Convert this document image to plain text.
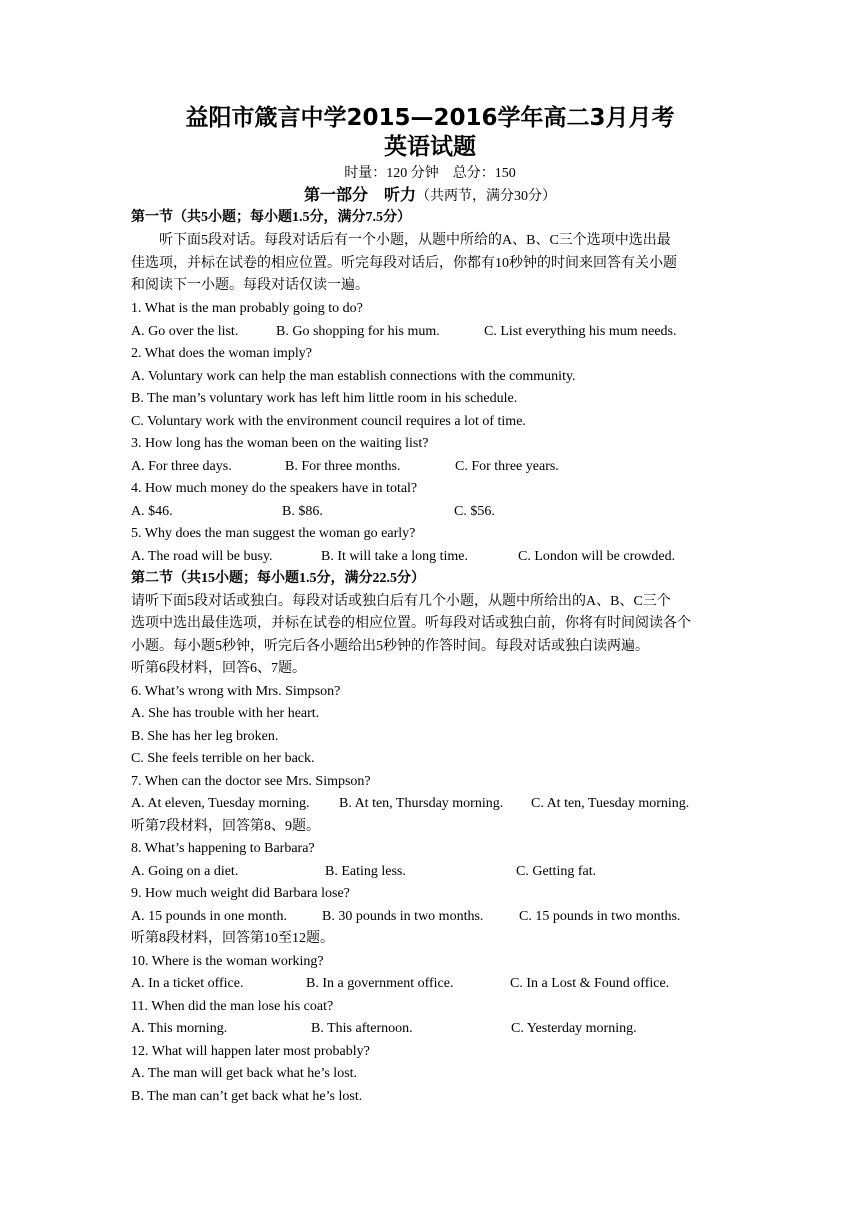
益阳市箴言中学2015—2016学年高二3月月考
英语试题
时量：120 分钟　总分：150
第一部分　听力（共两节，满分30分）
第一节（共5小题；每小题1.5分，满分7.5分）
听下面5段对话。每段对话后有一个小题，从题中所给的A、B、C三个选项中选出最
佳选项，并标在试卷的相应位置。听完每段对话后，你都有10秒钟的时间来回答有关小题
和阅读下一小题。每段对话仅读一遍。
1. What is the man probably going to do?
A. Go over the list.	B. Go shopping for his mum.	C. List everything his mum needs.
2. What does the woman imply?
A. Voluntary work can help the man establish connections with the community.
B. The man’s voluntary work has left him little room in his schedule.
C. Voluntary work with the environment council requires a lot of time.
3. How long has the woman been on the waiting list?
A. For three days.	B. For three months.	C. For three years.
4. How much money do the speakers have in total?
A. $46.	B. $86.	C. $56.
5. Why does the man suggest the woman go early?
A. The road will be busy.	B. It will take a long time.	C. London will be crowded.
第二节（共15小题；每小题1.5分，满分22.5分）
请听下面5段对话或独白。每段对话或独白后有几个小题，从题中所给出的A、B、C三个
选项中选出最佳选项，并标在试卷的相应位置。听每段对话或独白前，你将有时间阅读各个
小题。每小题5秒钟，听完后各小题给出5秒钟的作答时间。每段对话或独白读两遍。
听第6段材料，回答6、7题。
6. What’s wrong with Mrs. Simpson?
A. She has trouble with her heart.
B. She has her leg broken.
C. She feels terrible on her back.
7. When can the doctor see Mrs. Simpson?
A. At eleven, Tuesday morning. B. At ten, Thursday morning. C. At ten, Tuesday morning.
听第7段材料，回答第8、9题。
8. What’s happening to Barbara?
A. Going on a diet.	B. Eating less.	C. Getting fat.
9. How much weight did Barbara lose?
A. 15 pounds in one month.	B. 30 pounds in two months.	C. 15 pounds in two months.
听第8段材料，回答第10至12题。
10. Where is the woman working?
A. In a ticket office.	B. In a government office.	C. In a Lost & Found office.
11. When did the man lose his coat?
A. This morning.	B. This afternoon.	C. Yesterday morning.
12. What will happen later most probably?
A. The man will get back what he’s lost.
B. The man can’t get back what he’s lost.
